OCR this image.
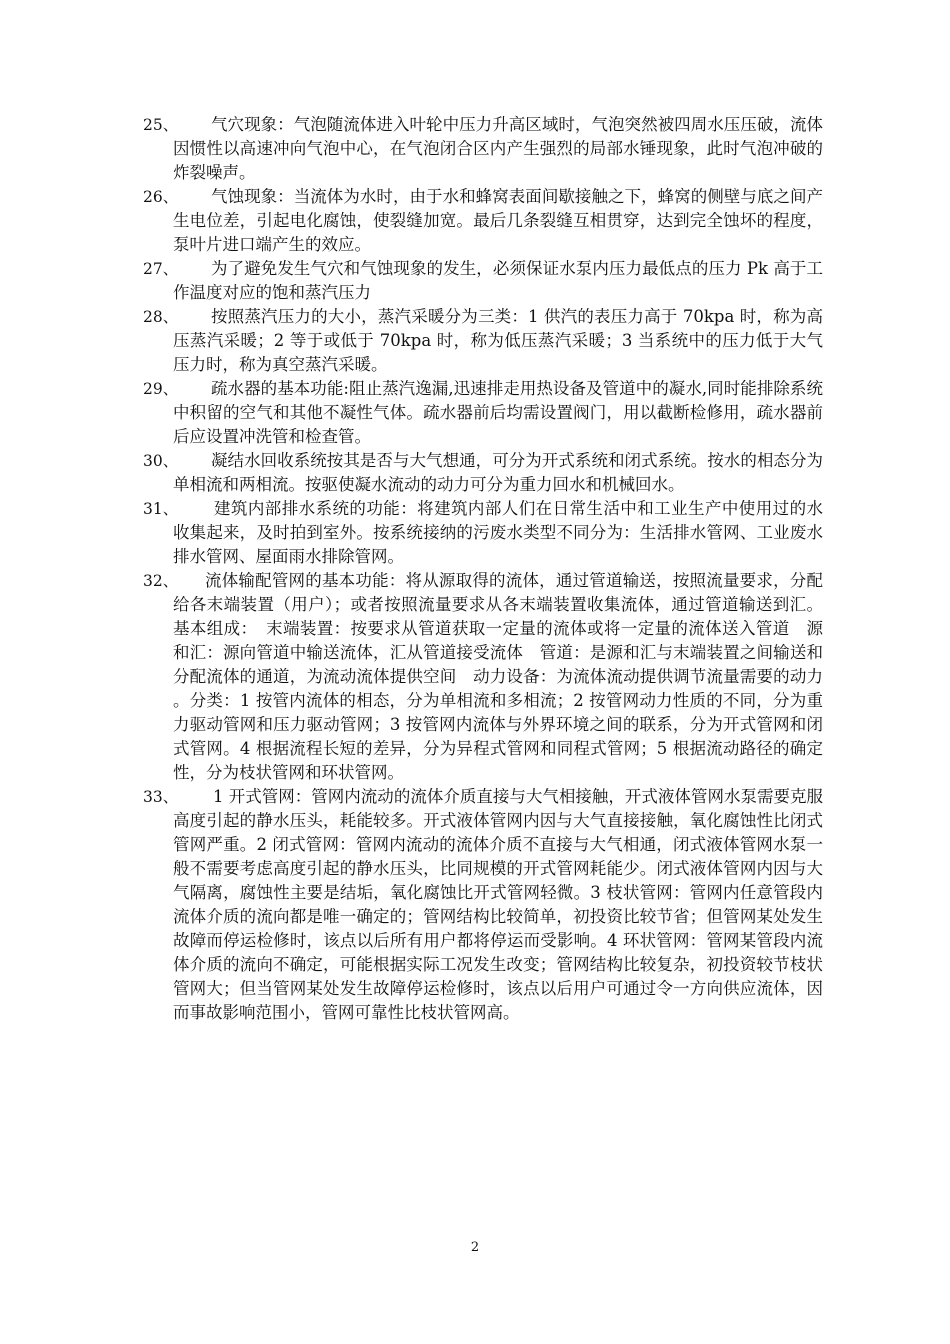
25、	气穴现象：气泡随流体进入叶轮中压力升高区域时，气泡突然被四周水压压破，流体因惯性以高速冲向气泡中心，在气泡闭合区内产生强烈的局部水锤现象，此时气泡冲破的炸裂噪声。

26、	气蚀现象：当流体为水时，由于水和蜂窝表面间歇接触之下，蜂窝的侧壁与底之间产生电位差，引起电化腐蚀，使裂缝加宽。最后几条裂缝互相贯穿，达到完全蚀坏的程度，泵叶片进口端产生的效应。

27、	为了避免发生气穴和气蚀现象的发生，必须保证水泵内压力最低点的压力 Pk 高于工作温度对应的饱和蒸汽压力

28、	按照蒸汽压力的大小，蒸汽采暖分为三类：1 供汽的表压力高于 70kpa 时，称为高压蒸汽采暖；2 等于或低于 70kpa 时，称为低压蒸汽采暖；3 当系统中的压力低于大气压力时，称为真空蒸汽采暖。

29、	疏水器的基本功能:阻止蒸汽逸漏,迅速排走用热设备及管道中的凝水,同时能排除系统中积留的空气和其他不凝性气体。疏水器前后均需设置阀门，用以截断检修用，疏水器前后应设置冲洗管和检查管。

30、	凝结水回收系统按其是否与大气想通，可分为开式系统和闭式系统。按水的相态分为单相流和两相流。按驱使凝水流动的动力可分为重力回水和机械回水。

31、	建筑内部排水系统的功能：将建筑内部人们在日常生活中和工业生产中使用过的水收集起来，及时拍到室外。按系统接纳的污废水类型不同分为：生活排水管网、工业废水排水管网、屋面雨水排除管网。

32、	流体输配管网的基本功能：将从源取得的流体，通过管道输送，按照流量要求，分配给各末端装置（用户）；或者按照流量要求从各末端装置收集流体，通过管道输送到汇。基本组成：　末端装置：按要求从管道获取一定量的流体或将一定量的流体送入管道　源和汇：源向管道中输送流体，汇从管道接受流体　管道：是源和汇与末端装置之间输送和分配流体的通道，为流动流体提供空间　动力设备：为流体流动提供调节流量需要的动力。分类：1 按管内流体的相态，分为单相流和多相流；2 按管网动力性质的不同，分为重力驱动管网和压力驱动管网；3 按管网内流体与外界环境之间的联系，分为开式管网和闭式管网。4 根据流程长短的差异，分为异程式管网和同程式管网；5 根据流动路径的确定性，分为枝状管网和环状管网。

33、	1 开式管网：管网内流动的流体介质直接与大气相接触，开式液体管网水泵需要克服高度引起的静水压头，耗能较多。开式液体管网内因与大气直接接触，氧化腐蚀性比闭式管网严重。2 闭式管网：管网内流动的流体介质不直接与大气相通，闭式液体管网水泵一般不需要考虑高度引起的静水压头，比同规模的开式管网耗能少。闭式液体管网内因与大气隔离，腐蚀性主要是结垢，氧化腐蚀比开式管网轻微。3 枝状管网：管网内任意管段内流体介质的流向都是唯一确定的；管网结构比较简单，初投资比较节省；但管网某处发生故障而停运检修时，该点以后所有用户都将停运而受影响。4 环状管网：管网某管段内流体介质的流向不确定，可能根据实际工况发生改变；管网结构比较复杂，初投资较节枝状管网大；但当管网某处发生故障停运检修时，该点以后用户可通过令一方向供应流体，因而事故影响范围小，管网可靠性比枝状管网高。

2
